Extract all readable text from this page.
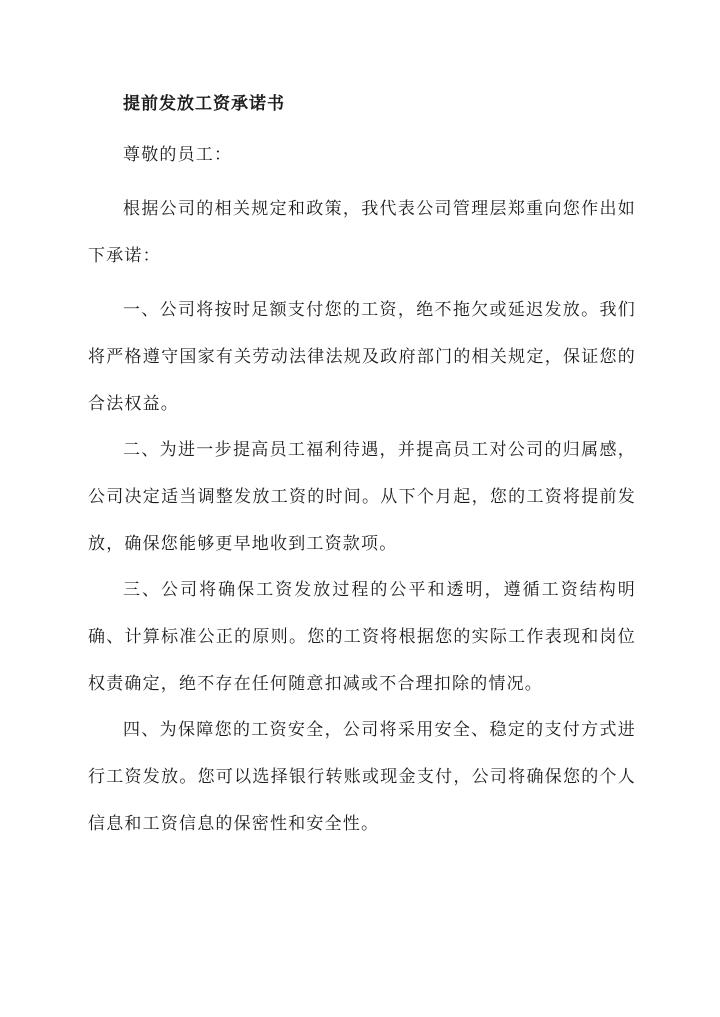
提前发放工资承诺书

尊敬的员工：

根据公司的相关规定和政策，我代表公司管理层郑重向您作出如下承诺：

一、公司将按时足额支付您的工资，绝不拖欠或延迟发放。我们将严格遵守国家有关劳动法律法规及政府部门的相关规定，保证您的合法权益。

二、为进一步提高员工福利待遇，并提高员工对公司的归属感，公司决定适当调整发放工资的时间。从下个月起，您的工资将提前发放，确保您能够更早地收到工资款项。

三、公司将确保工资发放过程的公平和透明，遵循工资结构明确、计算标准公正的原则。您的工资将根据您的实际工作表现和岗位权责确定，绝不存在任何随意扣减或不合理扣除的情况。

四、为保障您的工资安全，公司将采用安全、稳定的支付方式进行工资发放。您可以选择银行转账或现金支付，公司将确保您的个人信息和工资信息的保密性和安全性。
